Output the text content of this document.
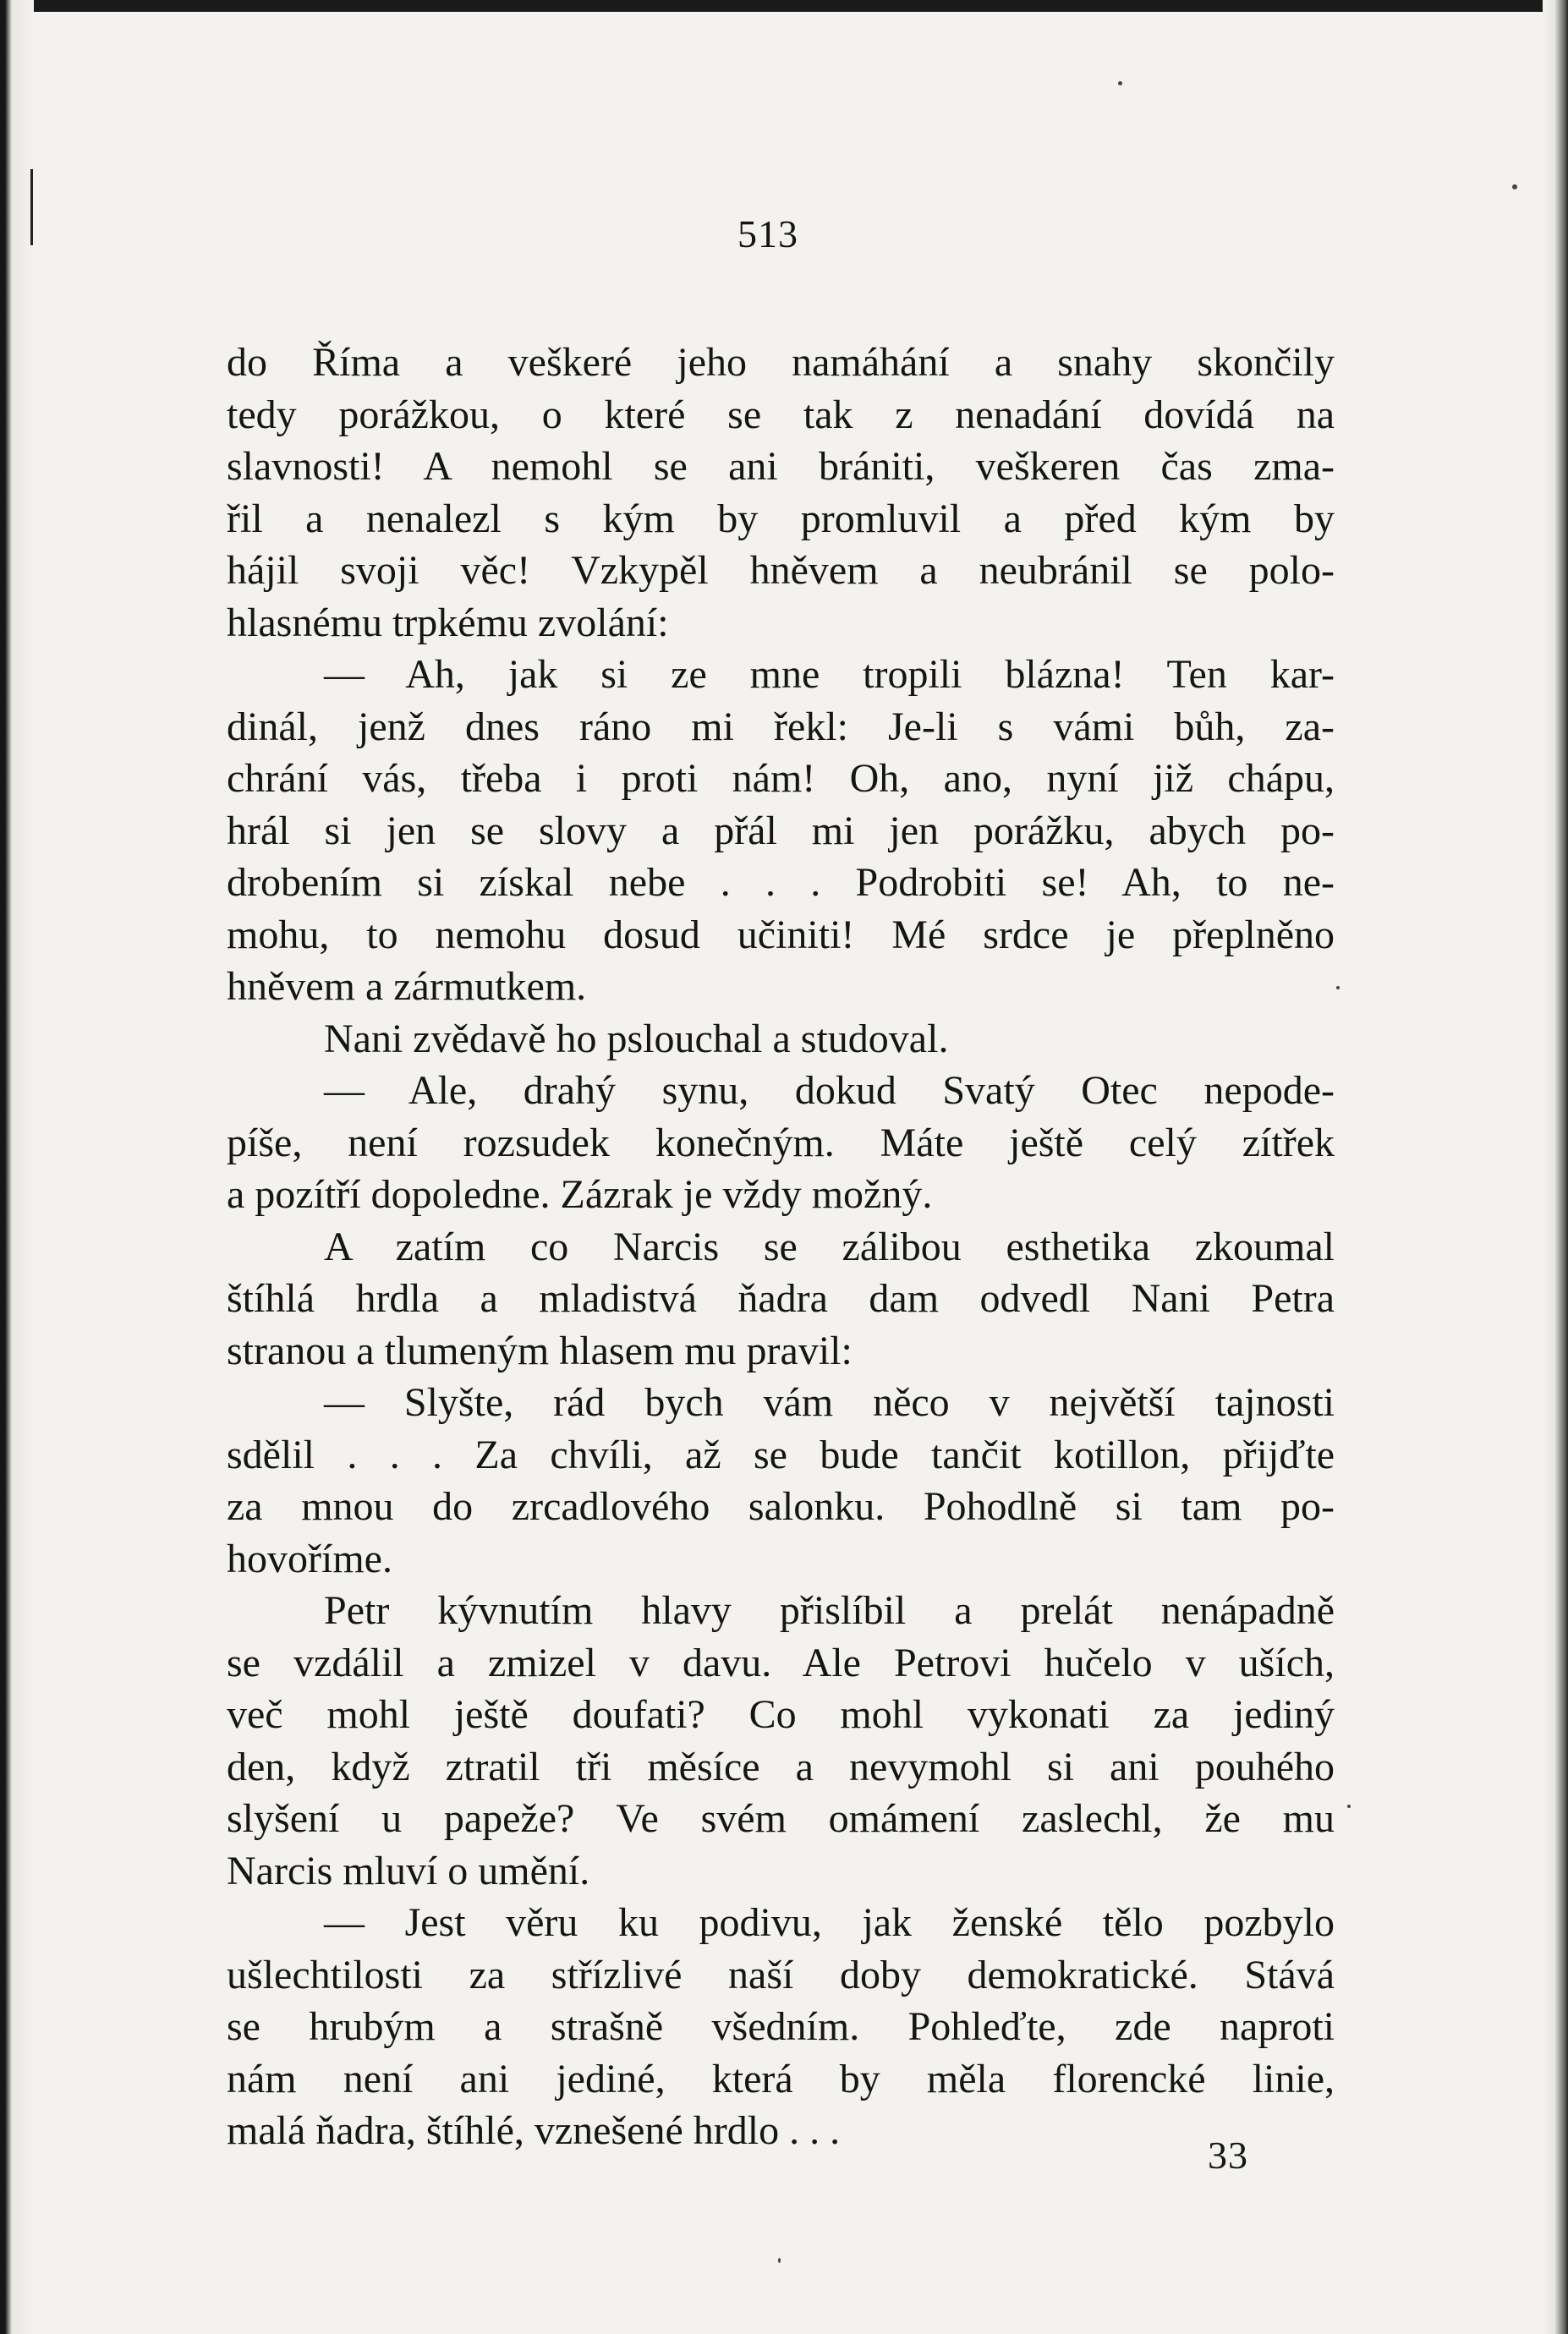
513
do Říma a veškeré jeho namáhání a snahy skončily
tedy porážkou, o které se tak z nenadání dovídá na
slavnosti! A nemohl se ani brániti, veškeren čas zma-
řil a nenalezl s kým by promluvil a před kým by
hájil svoji věc! Vzkypěl hněvem a neubránil se polo-
hlasnému trpkému zvolání:
— Ah, jak si ze mne tropili blázna! Ten kar-
dinál, jenž dnes ráno mi řekl: Je-li s vámi bůh, za-
chrání vás, třeba i proti nám! Oh, ano, nyní již chápu,
hrál si jen se slovy a přál mi jen porážku, abych po-
drobením si získal nebe . . . Podrobiti se! Ah, to ne-
mohu, to nemohu dosud učiniti! Mé srdce je přeplněno
hněvem a zármutkem.
Nani zvědavě ho pslouchal a studoval.
— Ale, drahý synu, dokud Svatý Otec nepode-
píše, není rozsudek konečným. Máte ještě celý zítřek
a pozítří dopoledne. Zázrak je vždy možný.
A zatím co Narcis se zálibou esthetika zkoumal
štíhlá hrdla a mladistvá ňadra dam odvedl Nani Petra
stranou a tlumeným hlasem mu pravil:
— Slyšte, rád bych vám něco v největší tajnosti
sdělil . . . Za chvíli, až se bude tančit kotillon, přijďte
za mnou do zrcadlového salonku. Pohodlně si tam po-
hovoříme.
Petr kývnutím hlavy přislíbil a prelát nenápadně
se vzdálil a zmizel v davu. Ale Petrovi hučelo v uších,
več mohl ještě doufati? Co mohl vykonati za jediný
den, když ztratil tři měsíce a nevymohl si ani pouhého
slyšení u papeže? Ve svém omámení zaslechl, že mu
Narcis mluví o umění.
— Jest věru ku podivu, jak ženské tělo pozbylo
ušlechtilosti za střízlivé naší doby demokratické. Stává
se hrubým a strašně všedním. Pohleďte, zde naproti
nám není ani jediné, která by měla florencké linie,
malá ňadra, štíhlé, vznešené hrdlo . . .
33
